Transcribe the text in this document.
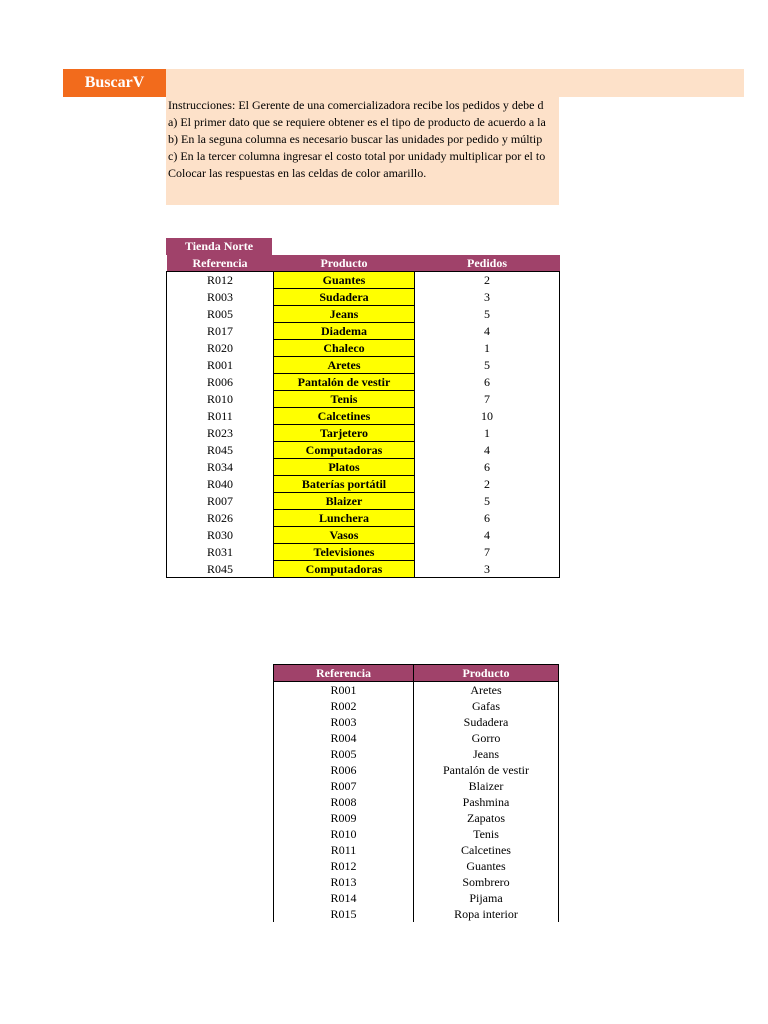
BuscarV
Instrucciones: El Gerente de una comercializadora recibe los pedidos y debe d
a) El primer dato que se requiere obtener es el tipo de producto de acuerdo a la
b) En la seguna columna es necesario buscar las unidades por pedido y múltip
c) En la tercer columna ingresar el costo total por unidady multiplicar por el to
Colocar las respuestas en las celdas de color amarillo.
Tienda Norte
Referencia	Producto	Pedidos
R012	Guantes	2
R003	Sudadera	3
R005	Jeans	5
R017	Diadema	4
R020	Chaleco	1
R001	Aretes	5
R006	Pantalón de vestir	6
R010	Tenis	7
R011	Calcetines	10
R023	Tarjetero	1
R045	Computadoras	4
R034	Platos	6
R040	Baterías portátil	2
R007	Blaizer	5
R026	Lunchera	6
R030	Vasos	4
R031	Televisiones	7
R045	Computadoras	3
Referencia	Producto
R001	Aretes
R002	Gafas
R003	Sudadera
R004	Gorro
R005	Jeans
R006	Pantalón de vestir
R007	Blaizer
R008	Pashmina
R009	Zapatos
R010	Tenis
R011	Calcetines
R012	Guantes
R013	Sombrero
R014	Pijama
R015	Ropa interior
